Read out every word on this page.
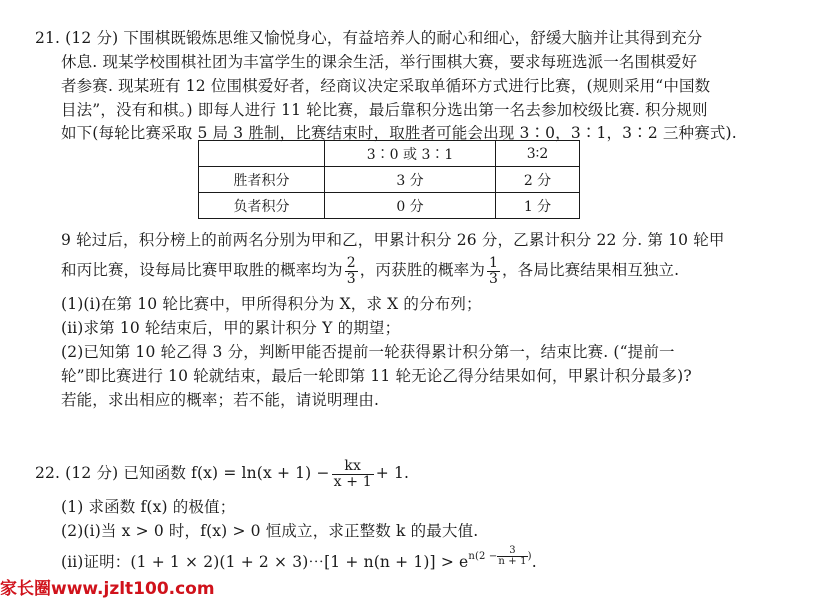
21. (12 分) 下围棋既锻炼思维又愉悦身心，有益培养人的耐心和细心，舒缓大脑并让其得到充分
休息. 现某学校围棋社团为丰富学生的课余生活，举行围棋大赛，要求每班选派一名围棋爱好
者参赛. 现某班有 12 位围棋爱好者，经商议决定采取单循环方式进行比赛，(规则采用“中国数
目法”，没有和棋。) 即每人进行 11 轮比赛，最后靠积分选出第一名去参加校级比赛. 积分规则
如下(每轮比赛采取 5 局 3 胜制，比赛结束时，取胜者可能会出现 3∶0，3∶1，3∶2 三种赛式).
	3∶0 或 3∶1	3∶2
胜者积分	3 分	2 分
负者积分	0 分	1 分
9 轮过后，积分榜上的前两名分别为甲和乙，甲累计积分 26 分，乙累计积分 22 分. 第 10 轮甲
和丙比赛，设每局比赛甲取胜的概率均为 $\frac{2}{3}$ ，丙获胜的概率为 $\frac{1}{3}$ ，各局比赛结果相互独立.
(1)(ⅰ)在第 10 轮比赛中，甲所得积分为 X，求 X 的分布列；
(ⅱ)求第 10 轮结束后，甲的累计积分 Y 的期望；
(2)已知第 10 轮乙得 3 分，判断甲能否提前一轮获得累计积分第一，结束比赛. (“提前一
轮”即比赛进行 10 轮就结束，最后一轮即第 11 轮无论乙得分结果如何，甲累计积分最多)?
若能，求出相应的概率；若不能，请说明理由.
22. (12 分) 已知函数 $f(x) = \ln(x + 1) - \frac{kx}{x + 1} + 1$.
(1) 求函数 f(x) 的极值；
(2)(ⅰ)当 x > 0 时，f(x) > 0 恒成立，求正整数 k 的最大值.
(ⅱ)证明：(1 + 1 × 2)(1 + 2 × 3)⋯[1 + $n(n + 1)] > e^{n(2 - \frac{3}{n + 1} )}$.
家长圈www.jzlt100.com
